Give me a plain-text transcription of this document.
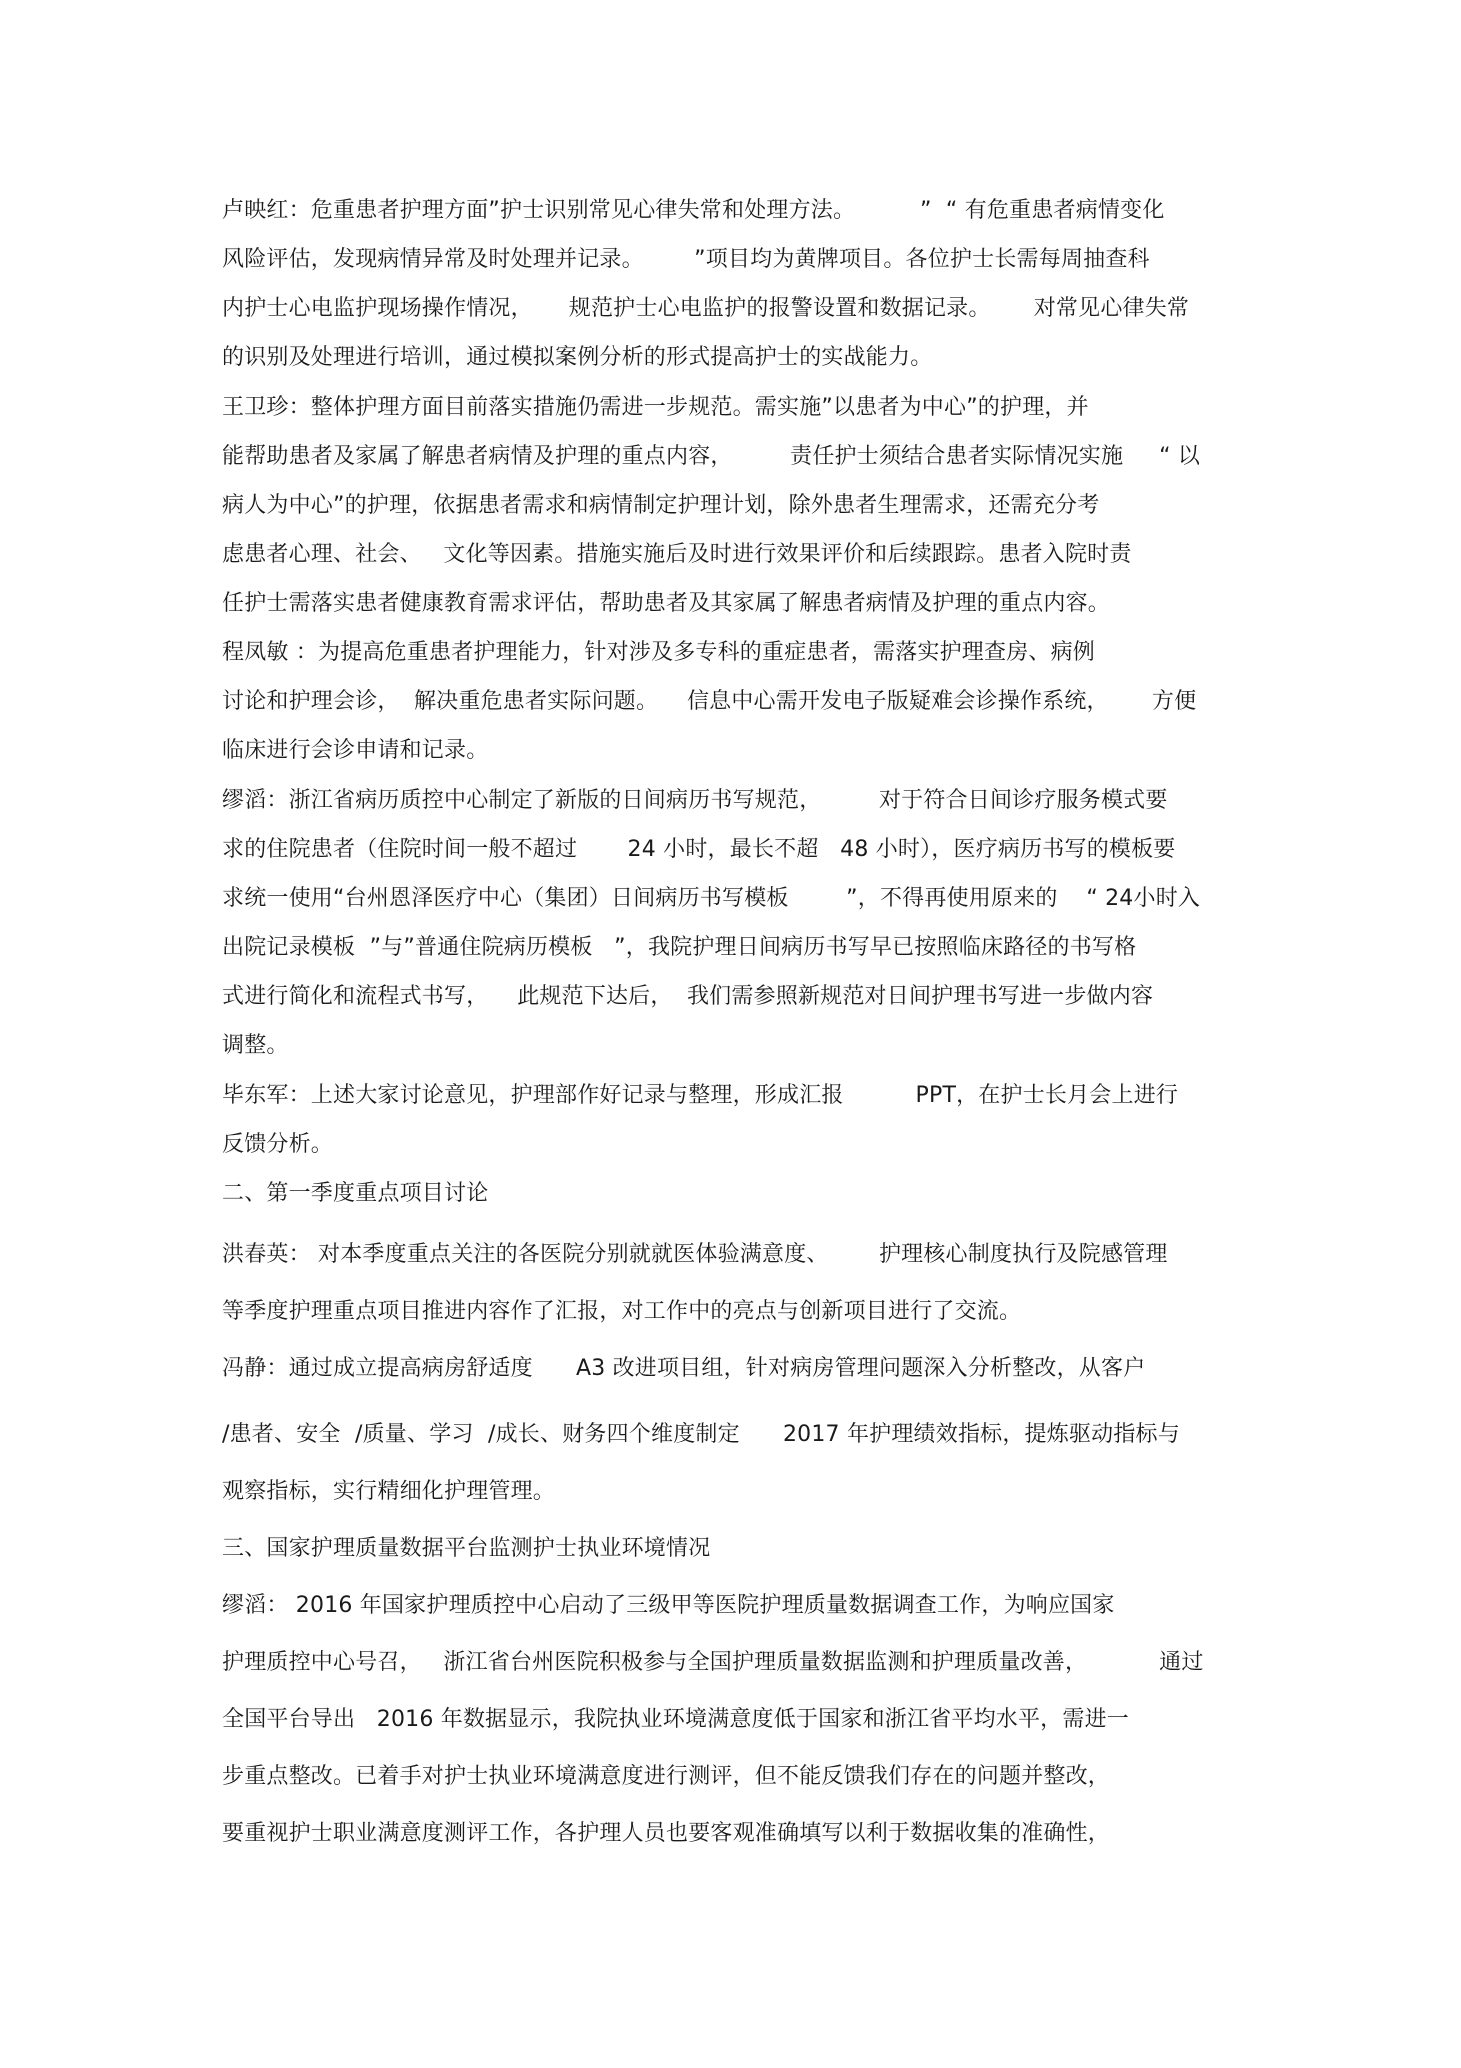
卢映红：危重患者护理方面”护士识别常见心律失常和处理方法。         ”  “ 有危重患者病情变化

风险评估，发现病情异常及时处理并记录。       ”项目均为黄牌项目。各位护士长需每周抽查科

内护士心电监护现场操作情况，     规范护士心电监护的报警设置和数据记录。      对常见心律失常

的识别及处理进行培训，通过模拟案例分析的形式提高护士的实战能力。

王卫珍：整体护理方面目前落实措施仍需进一步规范。需实施”以患者为中心”的护理，并

能帮助患者及家属了解患者病情及护理的重点内容，        责任护士须结合患者实际情况实施     “ 以

病人为中心”的护理，依据患者需求和病情制定护理计划，除外患者生理需求，还需充分考

虑患者心理、社会、   文化等因素。措施实施后及时进行效果评价和后续跟踪。患者入院时责

任护士需落实患者健康教育需求评估，帮助患者及其家属了解患者病情及护理的重点内容。

程凤敏 ：为提高危重患者护理能力，针对涉及多专科的重症患者，需落实护理查房、病例

讨论和护理会诊，  解决重危患者实际问题。    信息中心需开发电子版疑难会诊操作系统，      方便

临床进行会诊申请和记录。

缪滔：浙江省病历质控中心制定了新版的日间病历书写规范，        对于符合日间诊疗服务模式要

求的住院患者（住院时间一般不超过       24 小时，最长不超   48 小时），医疗病历书写的模板要

求统一使用“台州恩泽医疗中心（集团）日间病历书写模板        ”，不得再使用原来的    “ 24小时入

出院记录模板  ”与”普通住院病历模板   ”，我院护理日间病历书写早已按照临床路径的书写格

式进行简化和流程式书写，    此规范下达后，  我们需参照新规范对日间护理书写进一步做内容

调整。

毕东军：上述大家讨论意见，护理部作好记录与整理，形成汇报          PPT，在护士长月会上进行

反馈分析。

二、第一季度重点项目讨论

洪春英： 对本季度重点关注的各医院分别就就医体验满意度、       护理核心制度执行及院感管理

等季度护理重点项目推进内容作了汇报，对工作中的亮点与创新项目进行了交流。

冯静：通过成立提高病房舒适度      A3 改进项目组，针对病房管理问题深入分析整改，从客户

/患者、安全  /质量、学习  /成长、财务四个维度制定      2017 年护理绩效指标，提炼驱动指标与

观察指标，实行精细化护理管理。

三、国家护理质量数据平台监测护士执业环境情况

缪滔： 2016 年国家护理质控中心启动了三级甲等医院护理质量数据调查工作，为响应国家

护理质控中心号召，   浙江省台州医院积极参与全国护理质量数据监测和护理质量改善，          通过

全国平台导出   2016 年数据显示，我院执业环境满意度低于国家和浙江省平均水平，需进一

步重点整改。已着手对护士执业环境满意度进行测评，但不能反馈我们存在的问题并整改，

要重视护士职业满意度测评工作，各护理人员也要客观准确填写以利于数据收集的准确性，
